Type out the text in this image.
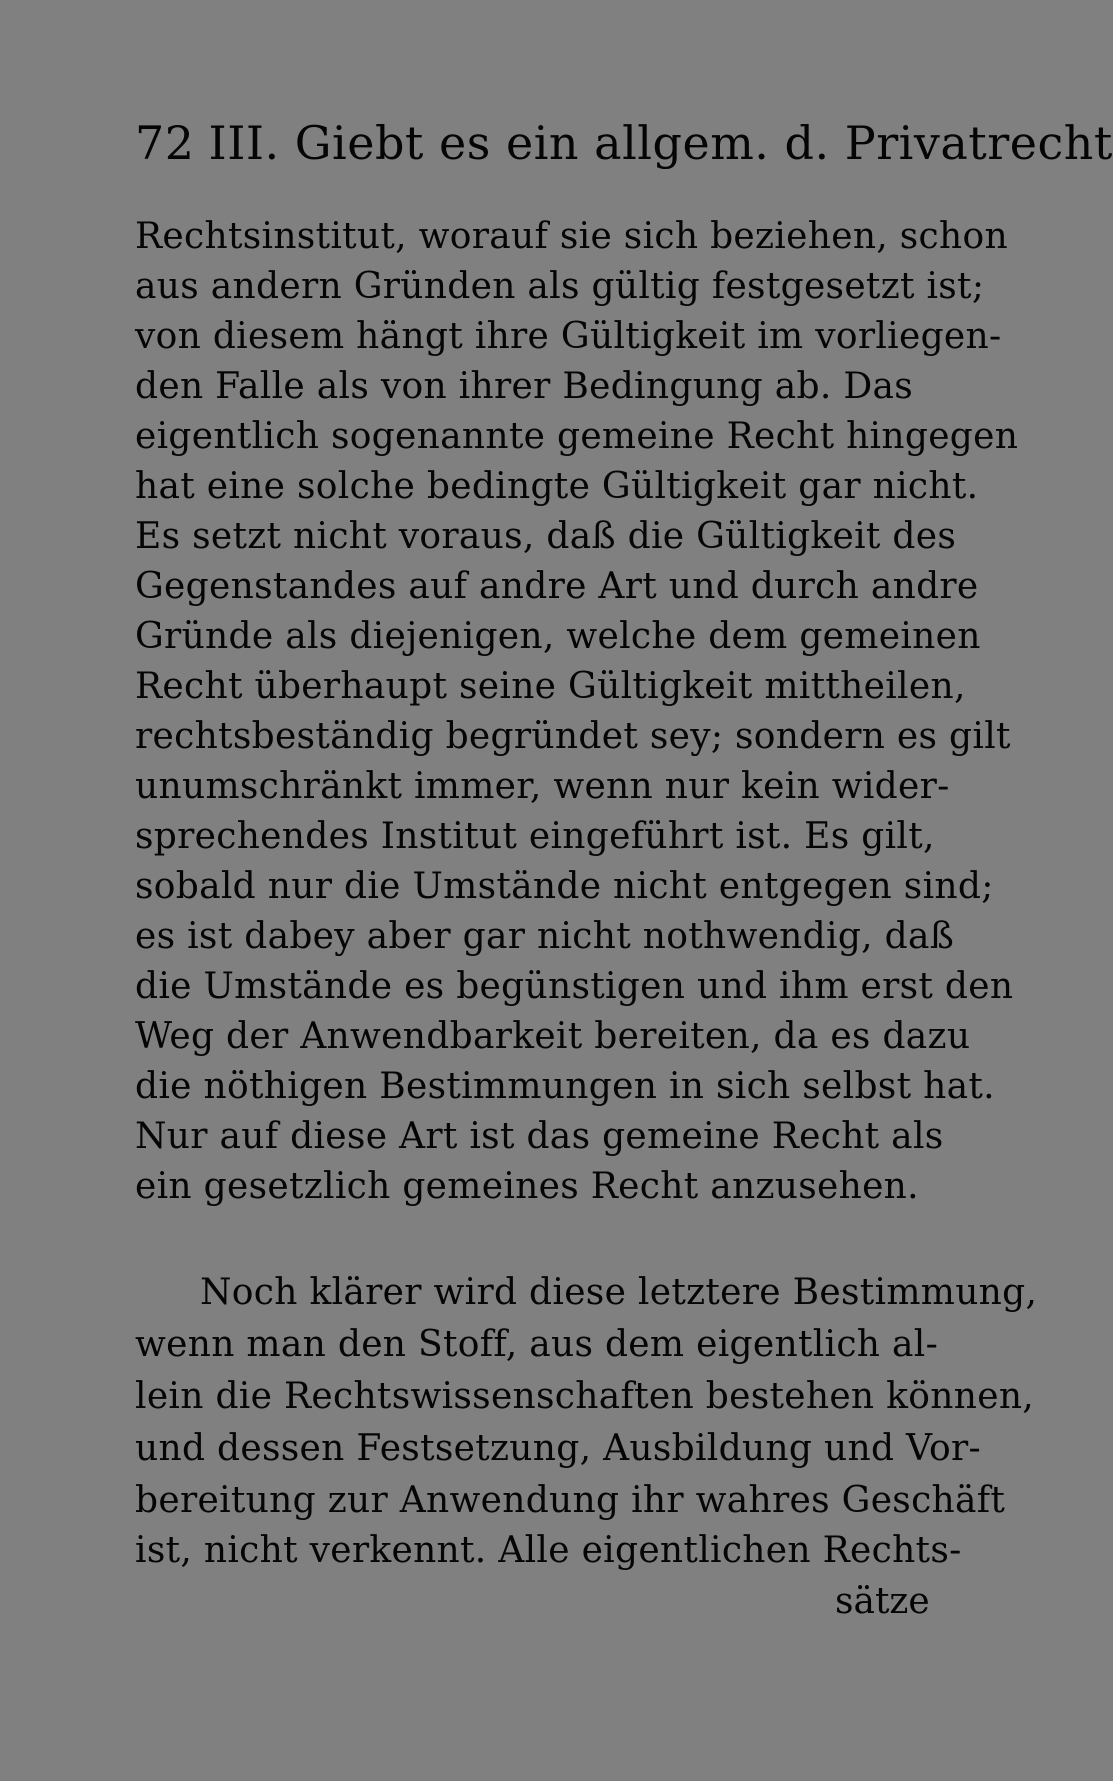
72 III. Giebt es ein allgem. d. Privatrecht
Rechtsinstitut, worauf sie sich beziehen, schon
aus andern Gründen als gültig festgesetzt ist;
von diesem hängt ihre Gültigkeit im vorliegen-
den Falle als von ihrer Bedingung ab. Das
eigentlich sogenannte gemeine Recht hingegen
hat eine solche bedingte Gültigkeit gar nicht.
Es setzt nicht voraus, daß die Gültigkeit des
Gegenstandes auf andre Art und durch andre
Gründe als diejenigen, welche dem gemeinen
Recht überhaupt seine Gültigkeit mittheilen,
rechtsbeständig begründet sey; sondern es gilt
unumschränkt immer, wenn nur kein wider-
sprechendes Institut eingeführt ist. Es gilt,
sobald nur die Umstände nicht entgegen sind;
es ist dabey aber gar nicht nothwendig, daß
die Umstände es begünstigen und ihm erst den
Weg der Anwendbarkeit bereiten, da es dazu
die nöthigen Bestimmungen in sich selbst hat.
Nur auf diese Art ist das gemeine Recht als
ein gesetzlich gemeines Recht anzusehen.
Noch klärer wird diese letztere Bestimmung,
wenn man den Stoff, aus dem eigentlich al-
lein die Rechtswissenschaften bestehen können,
und dessen Festsetzung, Ausbildung und Vor-
bereitung zur Anwendung ihr wahres Geschäft
ist, nicht verkennt. Alle eigentlichen Rechts-
sätze
